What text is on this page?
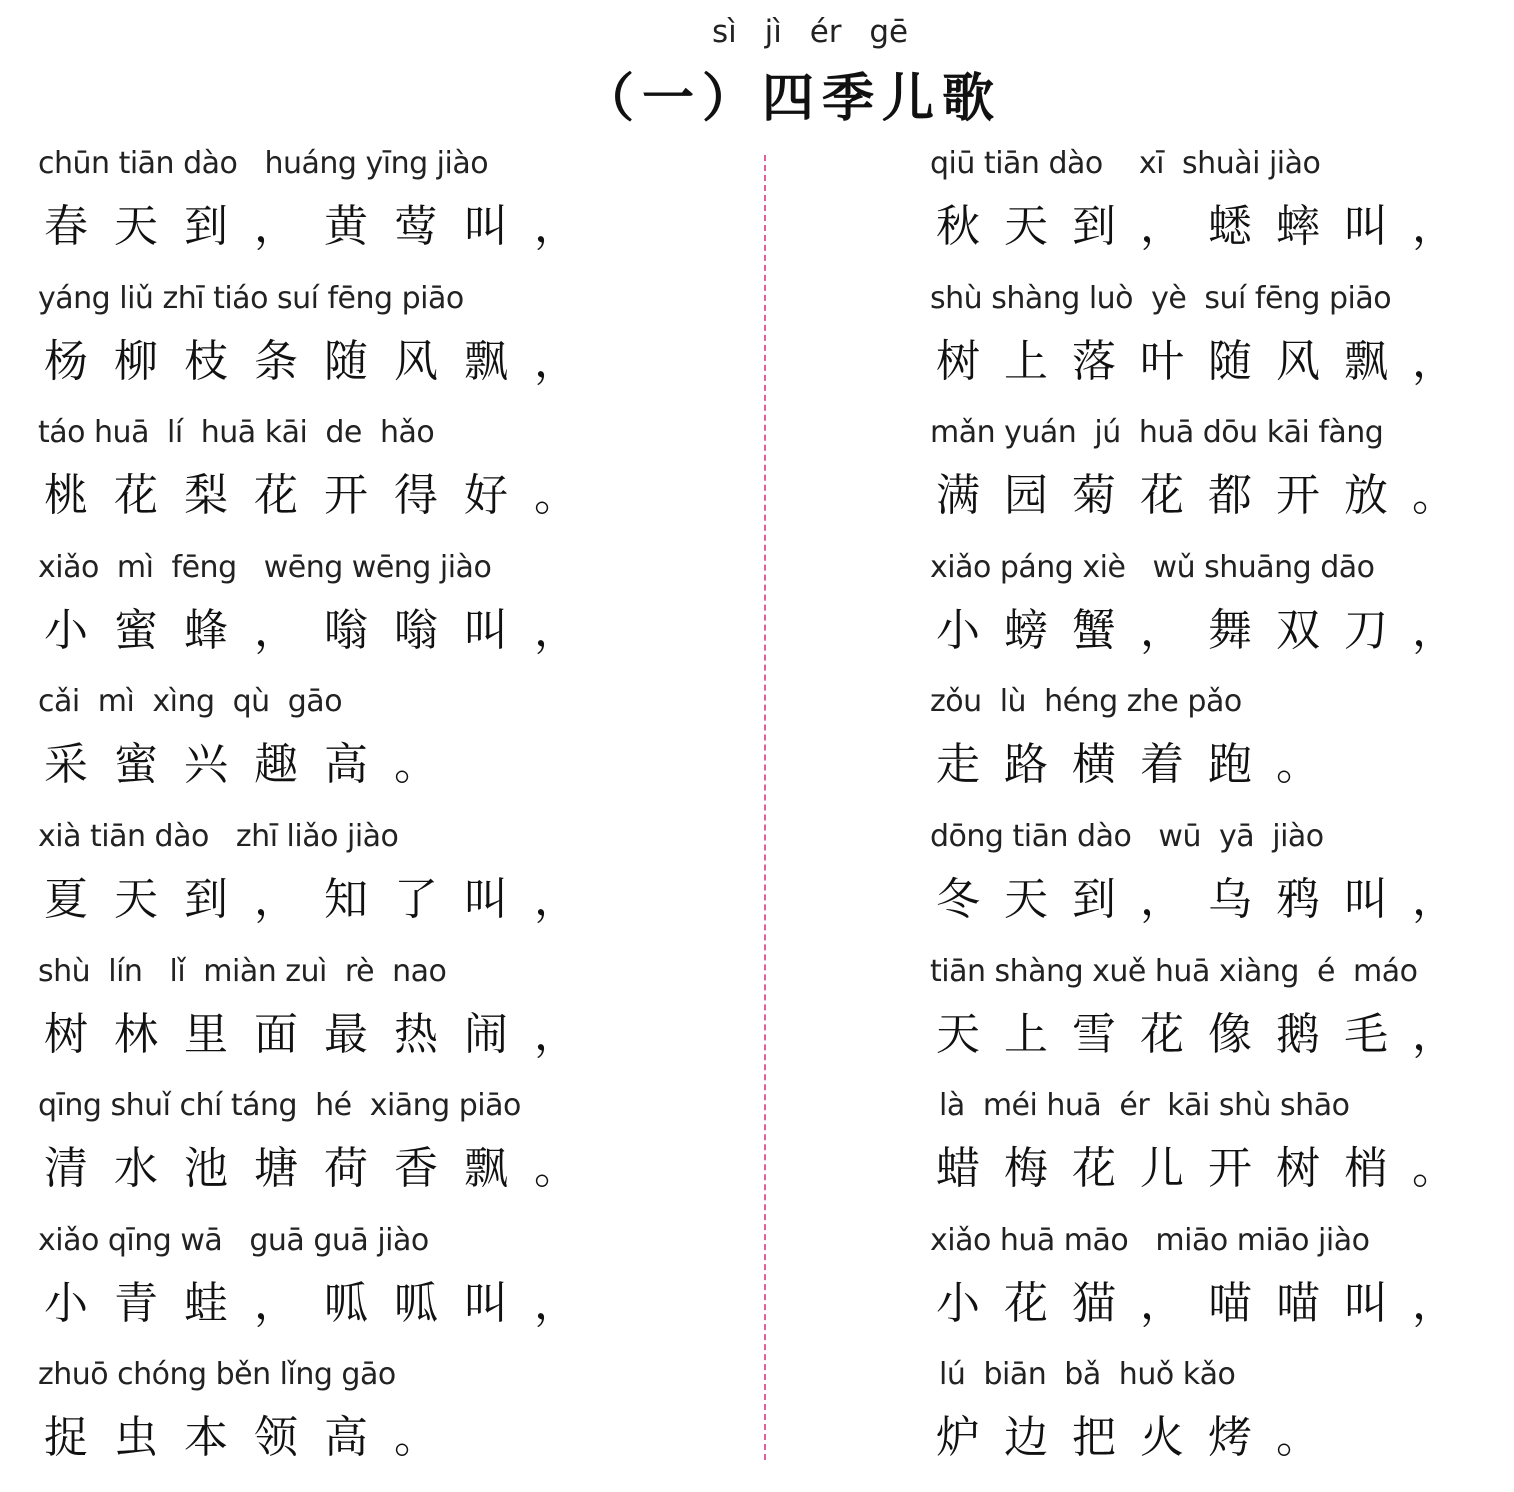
sì jì ér gē
（一）四季儿歌
chūn tiān dào   huáng yīng jiào
春天到，黄莺叫，
yáng liǔ zhī tiáo suí fēng piāo
杨柳枝条随风飘，
táo huā  lí  huā kāi  de  hǎo
桃花梨花开得好。
xiǎo  mì  fēng   wēng wēng jiào
小蜜蜂，嗡嗡叫，
cǎi  mì  xìng  qù  gāo
采蜜兴趣高。
xià tiān dào   zhī liǎo jiào
夏天到，知了叫，
shù  lín   lǐ  miàn zuì  rè  nao
树林里面最热闹，
qīng shuǐ chí táng  hé  xiāng piāo
清水池塘荷香飘。
xiǎo qīng wā   guā guā jiào
小青蛙，呱呱叫，
zhuō chóng běn lǐng gāo
捉虫本领高。
qiū tiān dào    xī  shuài jiào
秋天到，蟋蟀叫，
shù shàng luò  yè  suí fēng piāo
树上落叶随风飘，
mǎn yuán  jú  huā dōu kāi fàng
满园菊花都开放。
xiǎo páng xiè   wǔ shuāng dāo
小螃蟹，舞双刀，
zǒu  lù  héng zhe pǎo
走路横着跑。
dōng tiān dào   wū  yā  jiào
冬天到，乌鸦叫，
tiān shàng xuě huā xiàng  é  máo
天上雪花像鹅毛，
là  méi huā  ér  kāi shù shāo
蜡梅花儿开树梢。
xiǎo huā māo   miāo miāo jiào
小花猫，喵喵叫，
lú  biān  bǎ  huǒ kǎo
炉边把火烤。
